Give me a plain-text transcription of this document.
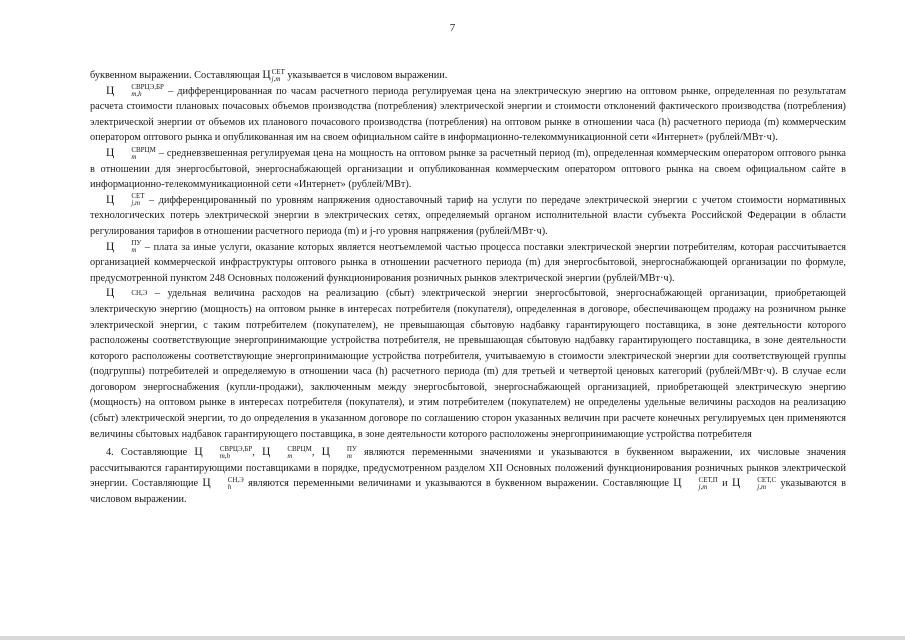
7

буквенном выражении. Составляющая Ц СЕТ
j,m указывается в числовом выражении.

Ц	СВРЦЭ,БР
m,h	– дифференцированная по часам расчетного периода регулируемая цена на электрическую энергию на оптовом рынке, определенная по результатам расчета стоимости плановых почасовых объемов производства (потребления) электрической энергии и стоимости отклонений фактического производства (потребления) электрической энергии от объемов их планового почасового производства (потребления) на оптовом рынке в отношении часа (h) расчетного периода (m) коммерческим оператором оптового рынка и опубликованная им на своем официальном сайте в информационно-телекоммуникационной сети «Интернет» (рублей/МВт·ч).

Ц	СВРЦМ
m	– средневзвешенная регулируемая цена на мощность на оптовом рынке за расчетный период (m), определенная коммерческим оператором оптового рынка в отношении для энергосбытовой, энергоснабжающей организации и опубликованная коммерческим оператором оптового рынка на своем официальном сайте в информационно-телекоммуникационной сети «Интернет» (рублей/МВт).

Ц	СЕТ
j,m – дифференцированный по уровням напряжения одноставочный тариф на услуги по передаче электрической энергии с учетом стоимости нормативных технологических потерь электрической энергии в электрических сетях, определяемый органом исполнительной власти субъекта Российской Федерации в области регулирования тарифов в отношении расчетного периода (m) и j-го уровня напряжения (рублей/МВт·ч).

Ц	ПУ
m – плата за иные услуги, оказание которых является неотъемлемой частью процесса поставки электрической энергии потребителям, которая рассчитывается организацией коммерческой инфраструктуры оптового рынка в отношении расчетного периода (m) для энергосбытовой, энергоснабжающей организации по формуле, предусмотренной пунктом 248 Основных положений функционирования розничных рынков электрической энергии (рублей/МВт·ч).

Ц	СН,Э – удельная величина расходов на реализацию (сбыт) электрической энергии энергосбытовой, энергоснабжающей организации, приобретающей электрическую энергию (мощность) на оптовом рынке в интересах потребителя (покупателя), определенная в договоре, обеспечивающем продажу на розничном рынке электрической энергии, с таким потребителем (покупателем), не превышающая сбытовую надбавку гарантирующего поставщика, в зоне деятельности которого расположены соответствующие энергопринимающие устройства потребителя, не превышающая сбытовую надбавку гарантирующего поставщика, в зоне деятельности которого расположены соответствующие энергопринимающие устройства потребителя, учитываемую в стоимости электрической энергии для соответствующей группы (подгруппы) потребителей и определяемую в отношении часа (h) расчетного периода (m) для третьей и четвертой ценовых категорий (рублей/МВт·ч). В случае если договором энергоснабжения (купли-продажи), заключенным между энергосбытовой, энергоснабжающей организацией, приобретающей электрическую энергию (мощность) на оптовом рынке в интересах потребителя (покупателя), и этим потребителем (покупателем) не определены удельные величины расходов на реализацию (сбыт) электрической энергии, то до определения в указанном договоре по соглашению сторон указанных величин при расчете конечных регулируемых цен применяются величины сбытовых надбавок гарантирующего поставщика, в зоне деятельности которого расположены энергопринимающие устройства потребителя

4. Составляющие Ц	СВРЦЭ,БР
m,h	, Ц	СВРЦМ
m	, Ц	ПУ
m являются переменными значениями и указываются в буквенном выражении, их числовые значения рассчитываются гарантирующими поставщиками в порядке, предусмотренном разделом XII Основных положений функционирования розничных рынков электрической энергии. Составляющие Ц	СН,Э
h	являются переменными величинами и указываются в буквенном выражении. Составляющие Ц	СЕТ,П
j,m	и Ц	СЕТ,С
j,m указываются в числовом выражении.
